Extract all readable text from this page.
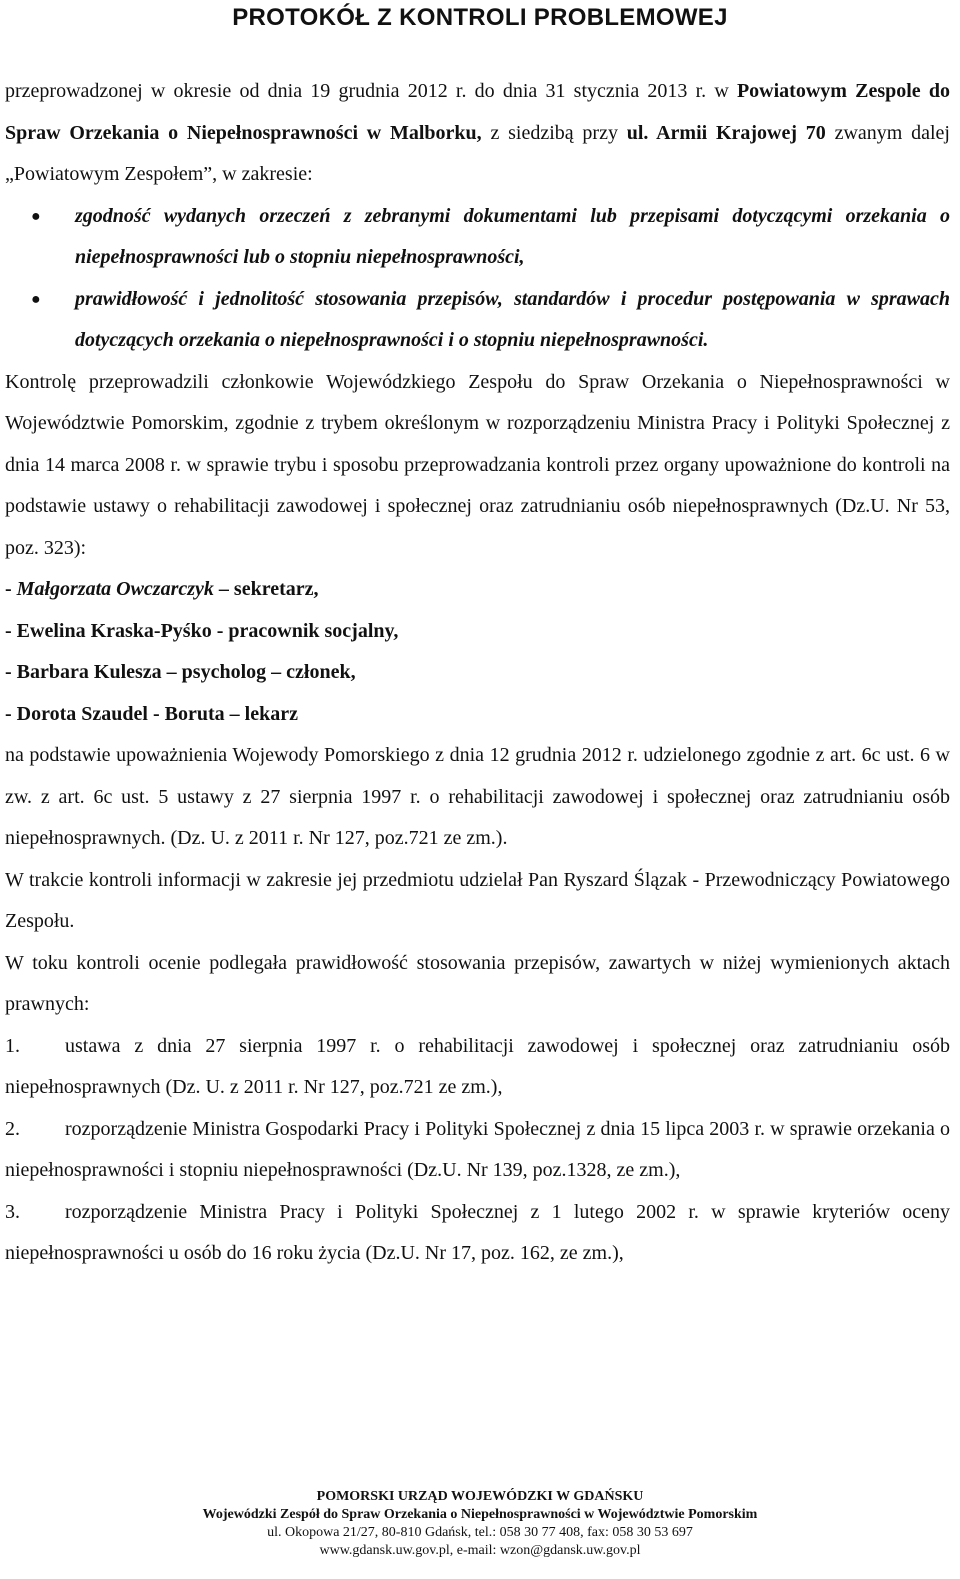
PROTOKÓŁ Z KONTROLI PROBLEMOWEJ

przeprowadzonej w okresie od dnia 19 grudnia 2012 r. do dnia 31 stycznia 2013 r. w Powiatowym Zespole do Spraw Orzekania o Niepełnosprawności w Malborku, z siedzibą przy ul. Armii Krajowej 70 zwanym dalej „Powiatowym Zespołem”, w zakresie:

● zgodność wydanych orzeczeń z zebranymi dokumentami lub przepisami dotyczącymi orzekania o niepełnosprawności lub o stopniu niepełnosprawności,
● prawidłowość i jednolitość stosowania przepisów, standardów i procedur postępowania w sprawach dotyczących orzekania o niepełnosprawności i o stopniu niepełnosprawności.

Kontrolę przeprowadzili członkowie Wojewódzkiego Zespołu do Spraw Orzekania o Niepełnosprawności w Województwie Pomorskim, zgodnie z trybem określonym w rozporządzeniu Ministra Pracy i Polityki Społecznej z dnia 14 marca 2008 r. w sprawie trybu i sposobu przeprowadzania kontroli przez organy upoważnione do kontroli na podstawie ustawy o rehabilitacji zawodowej i społecznej oraz zatrudnianiu osób niepełnosprawnych (Dz.U. Nr 53, poz. 323):

- Małgorzata Owczarczyk – sekretarz,
- Ewelina Kraska-Pyśko - pracownik socjalny,
- Barbara Kulesza – psycholog – członek,
- Dorota Szaudel - Boruta – lekarz

na podstawie upoważnienia Wojewody Pomorskiego z dnia 12 grudnia 2012 r. udzielonego zgodnie z art. 6c ust. 6 w zw. z art. 6c ust. 5 ustawy z 27 sierpnia 1997 r. o rehabilitacji zawodowej i społecznej oraz zatrudnianiu osób niepełnosprawnych. (Dz. U. z 2011 r. Nr 127, poz.721 ze zm.).

W trakcie kontroli informacji w zakresie jej przedmiotu udzielał Pan Ryszard Ślązak - Przewodniczący Powiatowego Zespołu.

W toku kontroli ocenie podlegała prawidłowość stosowania przepisów, zawartych w niżej wymienionych aktach prawnych:

1. ustawa z dnia 27 sierpnia 1997 r. o rehabilitacji zawodowej i społecznej oraz zatrudnianiu osób niepełnosprawnych (Dz. U. z 2011 r. Nr 127, poz.721 ze zm.),
2. rozporządzenie Ministra Gospodarki Pracy i Polityki Społecznej z dnia 15 lipca 2003 r. w sprawie orzekania o niepełnosprawności i stopniu niepełnosprawności (Dz.U. Nr 139, poz.1328, ze zm.),
3. rozporządzenie Ministra Pracy i Polityki Społecznej z 1 lutego 2002 r. w sprawie kryteriów oceny niepełnosprawności u osób do 16 roku życia (Dz.U. Nr 17, poz. 162, ze zm.),
POMORSKI URZĄD WOJEWÓDZKI W GDAŃSKU
Wojewódzki Zespół do Spraw Orzekania o Niepełnosprawności w Województwie Pomorskim
ul. Okopowa 21/27, 80-810 Gdańsk, tel.: 058 30 77 408, fax: 058 30 53 697
www.gdansk.uw.gov.pl, e-mail: wzon@gdansk.uw.gov.pl
